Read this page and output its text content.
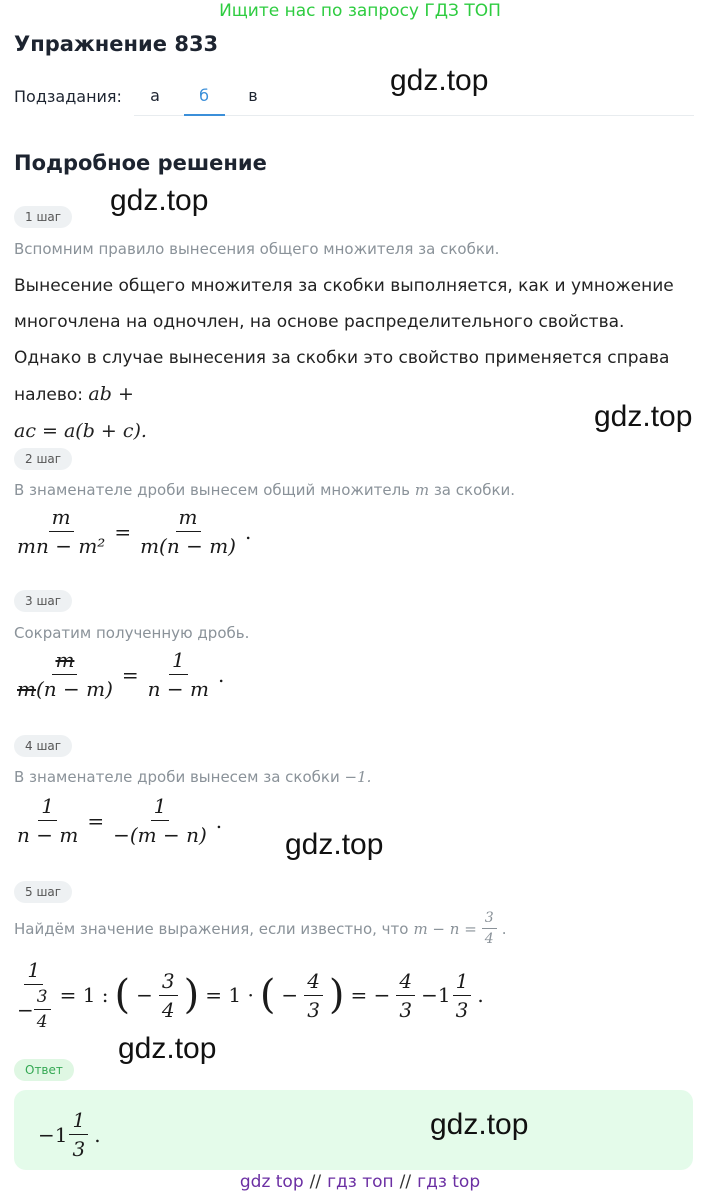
Ищите нас по запросу ГДЗ ТОП
Упражнение 833
Подзадания:	а	б	в	gdz.top
Подробное решение
gdz.top
1 шаг
Вспомним правило вынесения общего множителя за скобки.
Вынесение общего множителя за скобки выполняется, как и умножение многочлена на одночлен, на основе распределительного свойства. Однако в случае вынесения за скобки это свойство применяется справа налево: ab +
ac = a(b + c).	gdz.top
2 шаг
В знаменателе дроби вынесем общий множитель m за скобки.
$\frac{m}{\text{mn − m²}} = \frac{m}{m(n - m)}$ .
3 шаг
Сократим полученную дробь.
$\frac{m}{m(n - m)} = \frac{1}{n - m}$ .
4 шаг
В знаменателе дроби вынесем за скобки −1.
$\frac{1}{n - m} = \frac{1}{-(m - n)}$ .
gdz.top
5 шаг
Найдём значение выражения, если известно, что $m - n = \frac{3}{4}$ .
$\frac{1}{- \frac{3}{4}} = 1$ : ( − $\frac{3}{4}$ ) = 1 · ( − $\frac{4}{3}$ ) = − $\frac{4}{3} -1 \frac{1}{3}$ .
gdz.top
Ответ
$-1 \frac{1}{3}$ .	gdz.top
gdz top // гдз топ // гдз top
